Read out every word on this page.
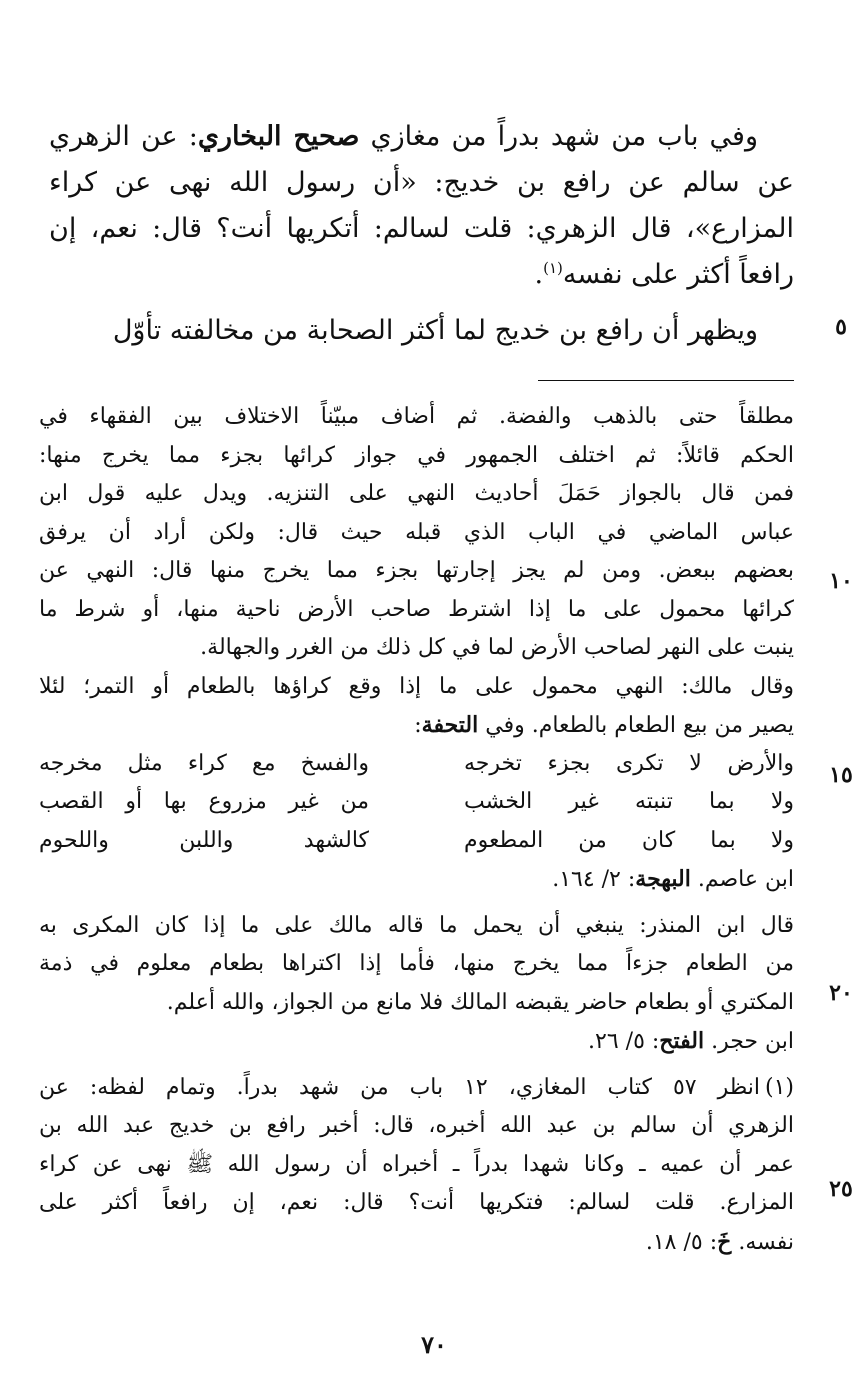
وفي باب من شهد بدراً من مغازي صحيح البخاري: عن الزهري عن سالم عن رافع بن خديج: «أن رسول الله نهى عن كراء المزارع»، قال الزهري: قلت لسالم: أتكريها أنت؟ قال: نعم، إن رافعاً أكثر على نفسه$^{(١)}$.

ويظهر أن رافع بن خديج لما أكثر الصحابة من مخالفته تأوّل	٥
١٠
١٥
٢٠
٢٥
مطلقاً حتى بالذهب والفضة. ثم أضاف مبيّناً الاختلاف بين الفقهاء في
الحكم قائلاً: ثم اختلف الجمهور في جواز كرائها بجزء مما يخرج منها:
فمن قال بالجواز حَمَلَ أحاديث النهي على التنزيه. ويدل عليه قول ابن
عباس الماضي في الباب الذي قبله حيث قال: ولكن أراد أن يرفق
بعضهم ببعض. ومن لم يجز إجارتها بجزء مما يخرج منها قال: النهي عن
كرائها محمول على ما إذا اشترط صاحب الأرض ناحية منها، أو شرط ما
ينبت على النهر لصاحب الأرض لما في كل ذلك من الغرر والجهالة.
وقال مالك: النهي محمول على ما إذا وقع كراؤها بالطعام أو التمر؛ لئلا
يصير من بيع الطعام بالطعام. وفي التحفة:
والأرض لا تكرى بجزء تخرجه
والفسخ مع كراء مثل مخرجه
ولا بما تنبته غير الخشب
من غير مزروع بها أو القصب
ولا بما كان من المطعوم
كالشهد واللبن واللحوم
ابن عاصم. البهجة: ٢/ ١٦٤.
قال ابن المنذر: ينبغي أن يحمل ما قاله مالك على ما إذا كان المكرى به
من الطعام جزءاً مما يخرج منها، فأما إذا اكتراها بطعام معلوم في ذمة
المكتري أو بطعام حاضر يقبضه المالك فلا مانع من الجواز، والله أعلم.
ابن حجر. الفتح: ٥/ ٢٦.
(١)انظر ٥٧ كتاب المغازي، ١٢ باب من شهد بدراً. وتمام لفظه: عن
الزهري أن سالم بن عبد الله أخبره، قال: أخبر رافع بن خديج عبد الله بن
عمر أن عميه ـ وكانا شهدا بدراً ـ أخبراه أن رسول الله ﷺ نهى عن كراء
المزارع. قلت لسالم: فتكريها أنت؟ قال: نعم، إن رافعاً أكثر على
نفسه. خَ: ٥/ ١٨.
٧٠
